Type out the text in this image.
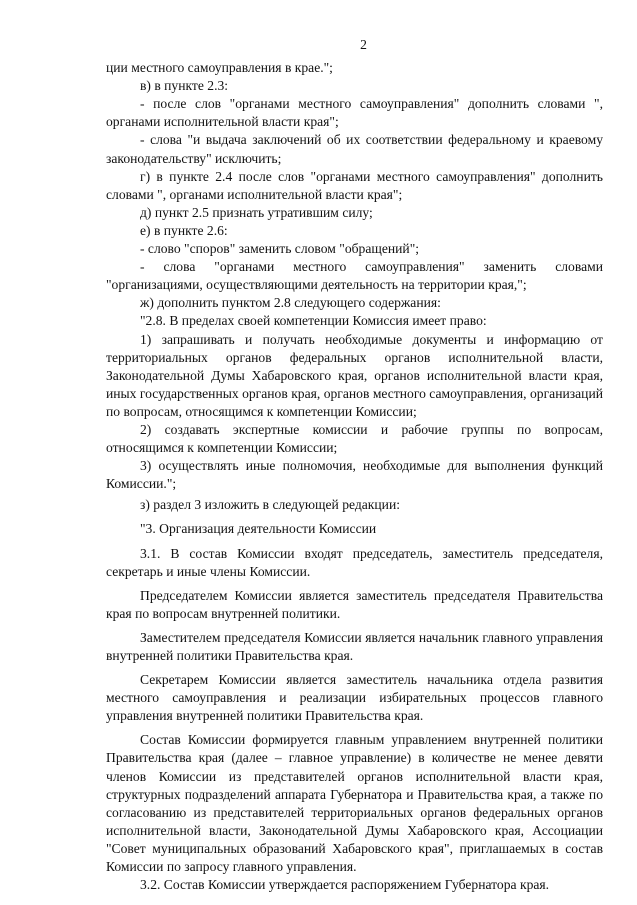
2

ции местного самоуправления в крае.";

в) в пункте 2.3:

- после слов "органами местного самоуправления" дополнить словами ", органами исполнительной власти края";

- слова "и выдача заключений об их соответствии федеральному и краевому законодательству" исключить;

г) в пункте 2.4 после слов "органами местного самоуправления" дополнить словами ", органами исполнительной власти края";

д) пункт 2.5 признать утратившим силу;

е) в пункте 2.6:

- слово "споров" заменить словом "обращений";

- слова "органами местного самоуправления" заменить словами "организациями, осуществляющими деятельность на территории края,";

ж) дополнить пунктом 2.8 следующего содержания:

"2.8. В пределах своей компетенции Комиссия имеет право:

1) запрашивать и получать необходимые документы и информацию от территориальных органов федеральных органов исполнительной власти, Законодательной Думы Хабаровского края, органов исполнительной власти края, иных государственных органов края, органов местного самоуправления, организаций по вопросам, относящимся к компетенции Комиссии;

2) создавать экспертные комиссии и рабочие группы по вопросам, относящимся к компетенции Комиссии;

3) осуществлять иные полномочия, необходимые для выполнения функций Комиссии.";

з) раздел 3 изложить в следующей редакции:

"3. Организация деятельности Комиссии

3.1. В состав Комиссии входят председатель, заместитель председателя, секретарь и иные члены Комиссии.

Председателем Комиссии является заместитель председателя Правительства края по вопросам внутренней политики.

Заместителем председателя Комиссии является начальник главного управления внутренней политики Правительства края.

Секретарем Комиссии является заместитель начальника отдела развития местного самоуправления и реализации избирательных процессов главного управления внутренней политики Правительства края.

Состав Комиссии формируется главным управлением внутренней политики Правительства края (далее – главное управление) в количестве не менее девяти членов Комиссии из представителей органов исполнительной власти края, структурных подразделений аппарата Губернатора и Правительства края, а также по согласованию из представителей территориальных органов федеральных органов исполнительной власти, Законодательной Думы Хабаровского края, Ассоциации "Совет муниципальных образований Хабаровского края", приглашаемых в состав Комиссии по запросу главного управления.

3.2. Состав Комиссии утверждается распоряжением Губернатора края.
